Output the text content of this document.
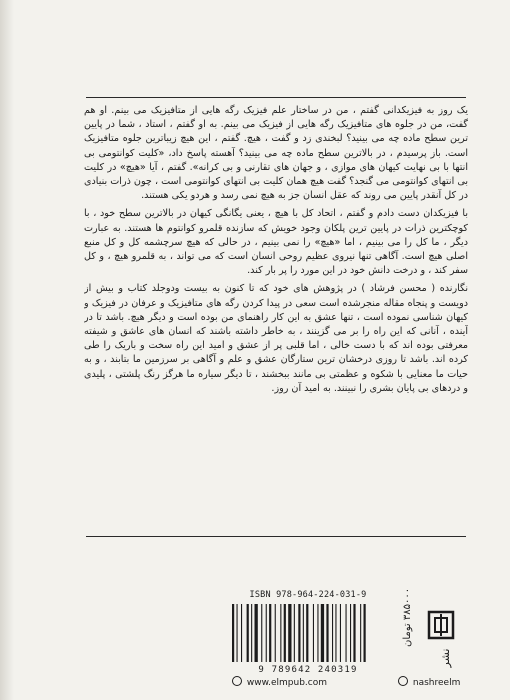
یک روز به فیزیکدانی گفتم ، من در ساختار علم فیزیک رگه هایی از متافیزیک می بینم. او هم گفت، من در جلوه های متافیزیک رگه هایی از فیزیک می بینم. به او گفتم ، استاد ، شما در پایین ترین سطح ماده چه می بینید؟ لبخندی زد و گفت ، هیچ. گفتم ، این هیچ زیباترین جلوه متافیزیک است. باز پرسیدم ، در بالاترین سطح ماده چه می بینید؟ آهسته پاسخ داد، «کلیت کوانتومی بی انتها با بی نهایت کیهان های موازی ، و جهان های تقارنی و بی کرانه». گفتم ، آیا «هیچ» در کلیت بی انتهای کوانتومی می گنجد؟ گفت هیچ همان کلیت بی انتهای کوانتومی است ، چون ذرات بنیادی در کل آنقدر پایین می روند که عقل انسان جز به هیچ نمی رسد و هردو یکی هستند.

با فیزیکدان دست دادم و گفتم ، اتحاد کل با هیچ ، یعنی یگانگی کیهان در بالاترین سطح خود ، با کوچکترین ذرات در پایین ترین پلکان وجود خویش که سازنده قلمرو کوانتوم ها هستند. به عبارت دیگر ، ما کل را می بینیم ، اما «هیچ» را نمی بینیم ، در حالی که هیچ سرچشمه کل و کل منبع اصلی هیچ است. آگاهی تنها نیروی عظیم روحی انسان است که می تواند ، به قلمرو هیچ ، و کل سفر کند ، و درخت دانش خود در این مورد را پر بار کند.

نگارنده ( محسن فرشاد ) در پژوهش های خود که تا کنون به بیست ودوجلد کتاب و بیش از دویست و پنجاه مقاله منجرشده است سعی در پیدا کردن رگه های متافیزیک و عرفان در فیزیک و کیهان شناسی نموده است ، تنها عشق به این کار راهنمای من بوده است و دیگر هیچ. باشد تا در آینده ، آنانی که این راه را بر می گزینند ، به خاطر داشته باشند که انسان های عاشق و شیفته معرفتی بوده اند که با دست خالی ، اما قلبی پر از عشق و امید این راه سخت و باریک را طی کرده اند. باشد تا روزی درخشان ترین ستارگان عشق و علم و آگاهی بر سرزمین ما بتابند ، و به حیات ما معنایی با شکوه و عظمتی بی مانند ببخشند ، تا دیگر سیاره ما هرگز رنگ پلشتی ، پلیدی و دردهای بی پایان بشری را نبینند. به امید آن روز.

ISBN 978-964-224-031-9
9 789642 240319
۳۸۵۰۰۰ تومان
نشر
www.elmpub.com	nashreelm
